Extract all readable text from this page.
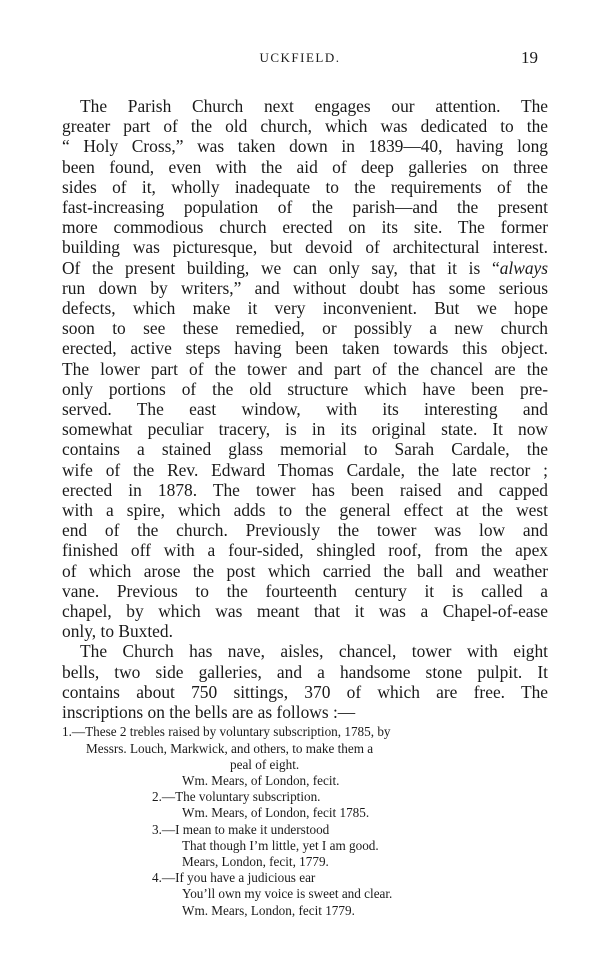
UCKFIELD.	19

The Parish Church next engages our attention. The
greater part of the old church, which was dedicated to the
“ Holy Cross,” was taken down in 1839—40, having long
been found, even with the aid of deep galleries on three
sides of it, wholly inadequate to the requirements of the
fast-increasing population of the parish—and the present
more commodious church erected on its site. The former
building was picturesque, but devoid of architectural interest.
Of the present building, we can only say, that it is “always
run down by writers,” and without doubt has some serious
defects, which make it very inconvenient. But we hope
soon to see these remedied, or possibly a new church
erected, active steps having been taken towards this object.
The lower part of the tower and part of the chancel are the
only portions of the old structure which have been pre-
served. The east window, with its interesting and
somewhat peculiar tracery, is in its original state. It now
contains a stained glass memorial to Sarah Cardale, the
wife of the Rev. Edward Thomas Cardale, the late rector ;
erected in 1878. The tower has been raised and capped
with a spire, which adds to the general effect at the west
end of the church. Previously the tower was low and
finished off with a four-sided, shingled roof, from the apex
of which arose the post which carried the ball and weather
vane. Previous to the fourteenth century it is called a
chapel, by which was meant that it was a Chapel-of-ease
only, to Buxted.

The Church has nave, aisles, chancel, tower with eight
bells, two side galleries, and a handsome stone pulpit. It
contains about 750 sittings, 370 of which are free. The
inscriptions on the bells are as follows :—

1.—These 2 trebles raised by voluntary subscription, 1785, by
Messrs. Louch, Markwick, and others, to make them a
peal of eight.
Wm. Mears, of London, fecit.
2.—The voluntary subscription.
Wm. Mears, of London, fecit 1785.
3.—I mean to make it understood
That though I’m little, yet I am good.
Mears, London, fecit, 1779.
4.—If you have a judicious ear
You’ll own my voice is sweet and clear.
Wm. Mears, London, fecit 1779.
